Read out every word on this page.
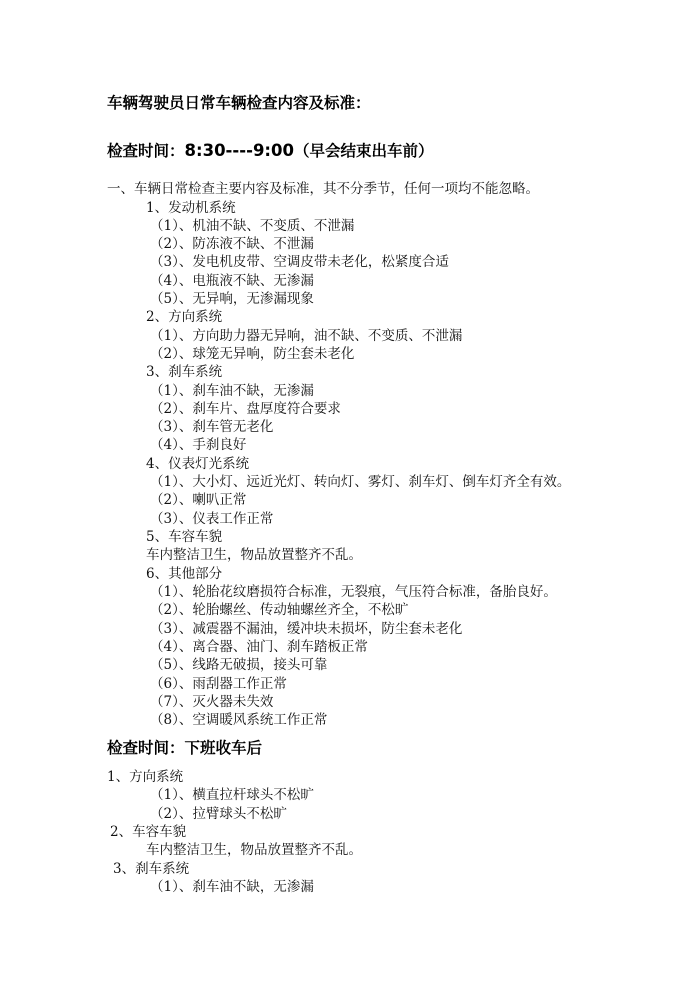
车辆驾驶员日常车辆检查内容及标准：
检查时间：8:30----9:00（早会结束出车前）
一、车辆日常检查主要内容及标准，其不分季节，任何一项均不能忽略。
1、发动机系统
（1）、机油不缺、不变质、不泄漏
（2）、防冻液不缺、不泄漏
（3）、发电机皮带、空调皮带未老化，松紧度合适
（4）、电瓶液不缺、无渗漏
（5）、无异响，无渗漏现象
2、方向系统
（1）、方向助力器无异响，油不缺、不变质、不泄漏
（2）、球笼无异响，防尘套未老化
3、刹车系统
（1）、刹车油不缺，无渗漏
（2）、刹车片、盘厚度符合要求
（3）、刹车管无老化
（4）、手刹良好
4、仪表灯光系统
（1）、大小灯、远近光灯、转向灯、雾灯、刹车灯、倒车灯齐全有效。
（2）、喇叭正常
（3）、仪表工作正常
5、车容车貌
车内整洁卫生，物品放置整齐不乱。
6、其他部分
（1）、轮胎花纹磨损符合标准，无裂痕，气压符合标准，备胎良好。
（2）、轮胎螺丝、传动轴螺丝齐全，不松旷
（3）、减震器不漏油，缓冲块未损坏，防尘套未老化
（4）、离合器、油门、刹车踏板正常
（5）、线路无破损，接头可靠
（6）、雨刮器工作正常
（7）、灭火器未失效
（8）、空调暖风系统工作正常
检查时间：下班收车后
1、方向系统
（1）、横直拉杆球头不松旷
（2）、拉臂球头不松旷
2、车容车貌
车内整洁卫生，物品放置整齐不乱。
3、刹车系统
（1）、刹车油不缺，无渗漏
